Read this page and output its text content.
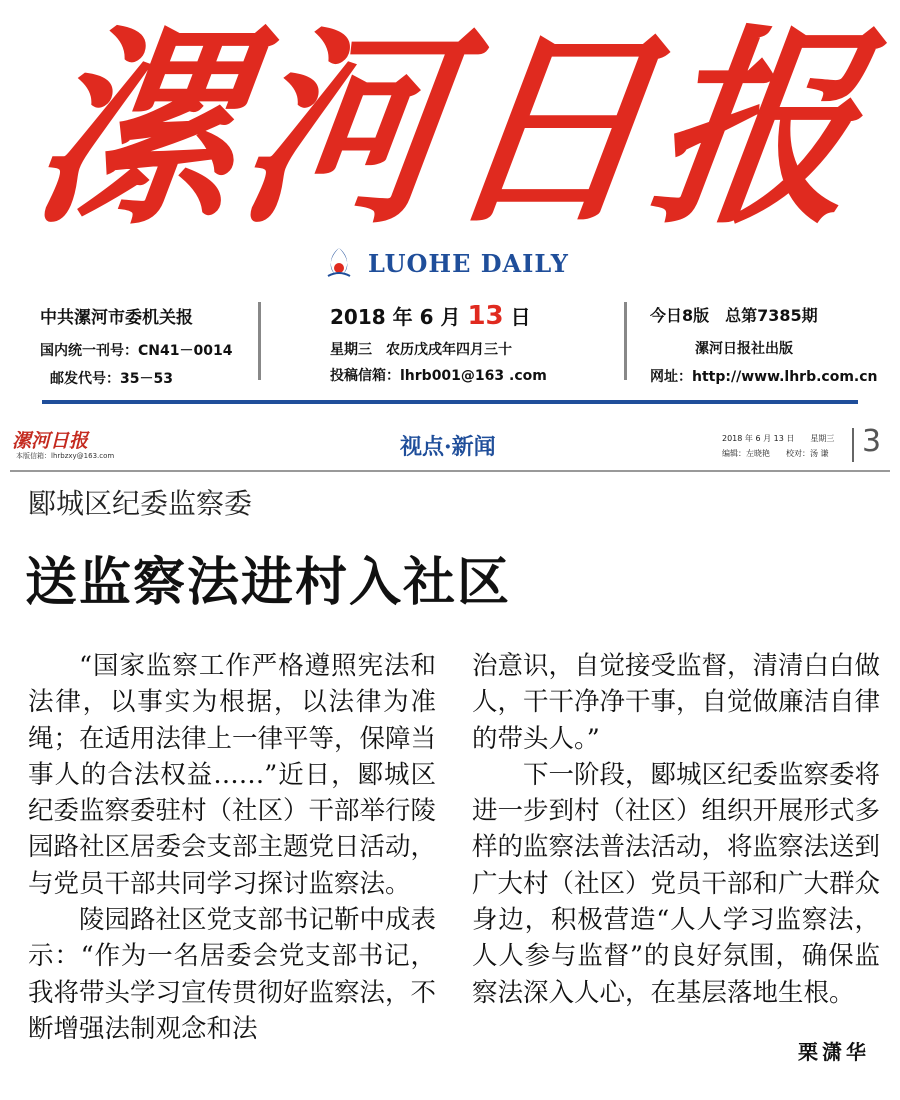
漯河日报
LUOHE DAILY
中共漯河市委机关报
国内统一刊号：CN41－0014
邮发代号：35－53
2018 年 6 月 13 日
星期三　农历戊戌年四月三十
投稿信箱：lhrb001@163 .com
今日8版　总第7385期
漯河日报社出版
网址：http://www.lhrb.com.cn
漯河日报
本版信箱：lhrbzxy@163.com	视点·新闻	2018 年 6 月 13 日　　星期三
编辑：左晓艳　　校对：汤 谦 3
郾城区纪委监察委
送监察法进村入社区

“国家监察工作严格遵照宪法和法律，以事实为根据，以法律为准绳；在适用法律上一律平等，保障当事人的合法权益……”近日，郾城区纪委监察委驻村（社区）干部举行陵园路社区居委会支部主题党日活动，与党员干部共同学习探讨监察法。

陵园路社区党支部书记靳中成表示：“作为一名居委会党支部书记，我将带头学习宣传贯彻好监察法，不断增强法制观念和法

治意识，自觉接受监督，清清白白做人，干干净净干事，自觉做廉洁自律的带头人。”

下一阶段，郾城区纪委监察委将进一步到村（社区）组织开展形式多样的监察法普法活动，将监察法送到广大村（社区）党员干部和广大群众身边，积极营造“人人学习监察法，人人参与监督”的良好氛围，确保监察法深入人心，在基层落地生根。

栗潇华
